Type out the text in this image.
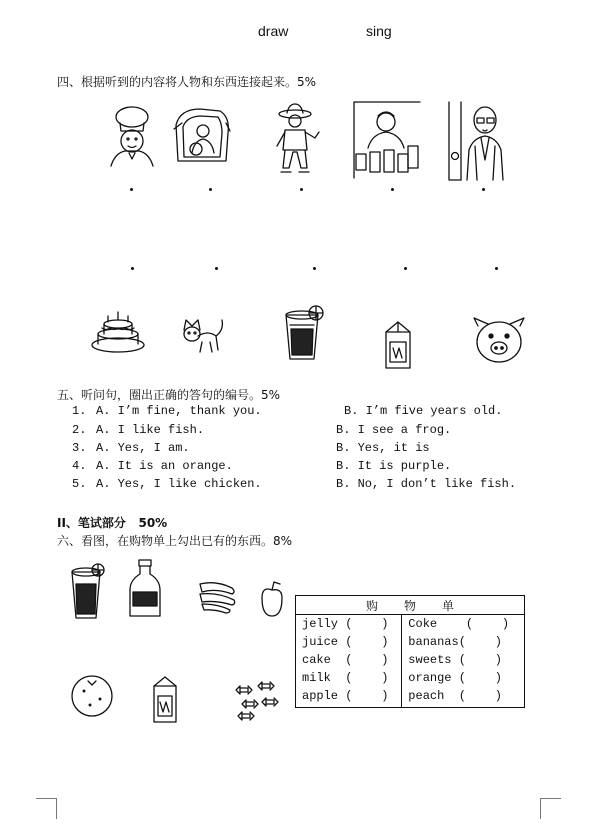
draw	sing
四、根据听到的内容将人物和东西连接起来。5%
五、听问句，圈出正确的答句的编号。5%
1. A. I’m fine, thank you.	B. I’m five years old.
2. A. I like fish.	B. I see a frog.
3. A. Yes, I am.	B. Yes, it is
4. A. It is an orange.	B. It is purple.
5. A. Yes, I like chicken.	B. No, I don’t like fish.
II、笔试部分   50%
六、看图，在购物单上勾出已有的东西。8%
购物单	
jelly (    )	Coke    (    )
juice (    )	bananas(    )
cake  (    )	sweets (    )
milk  (    )	orange (    )
apple (    )	peach  (    )
